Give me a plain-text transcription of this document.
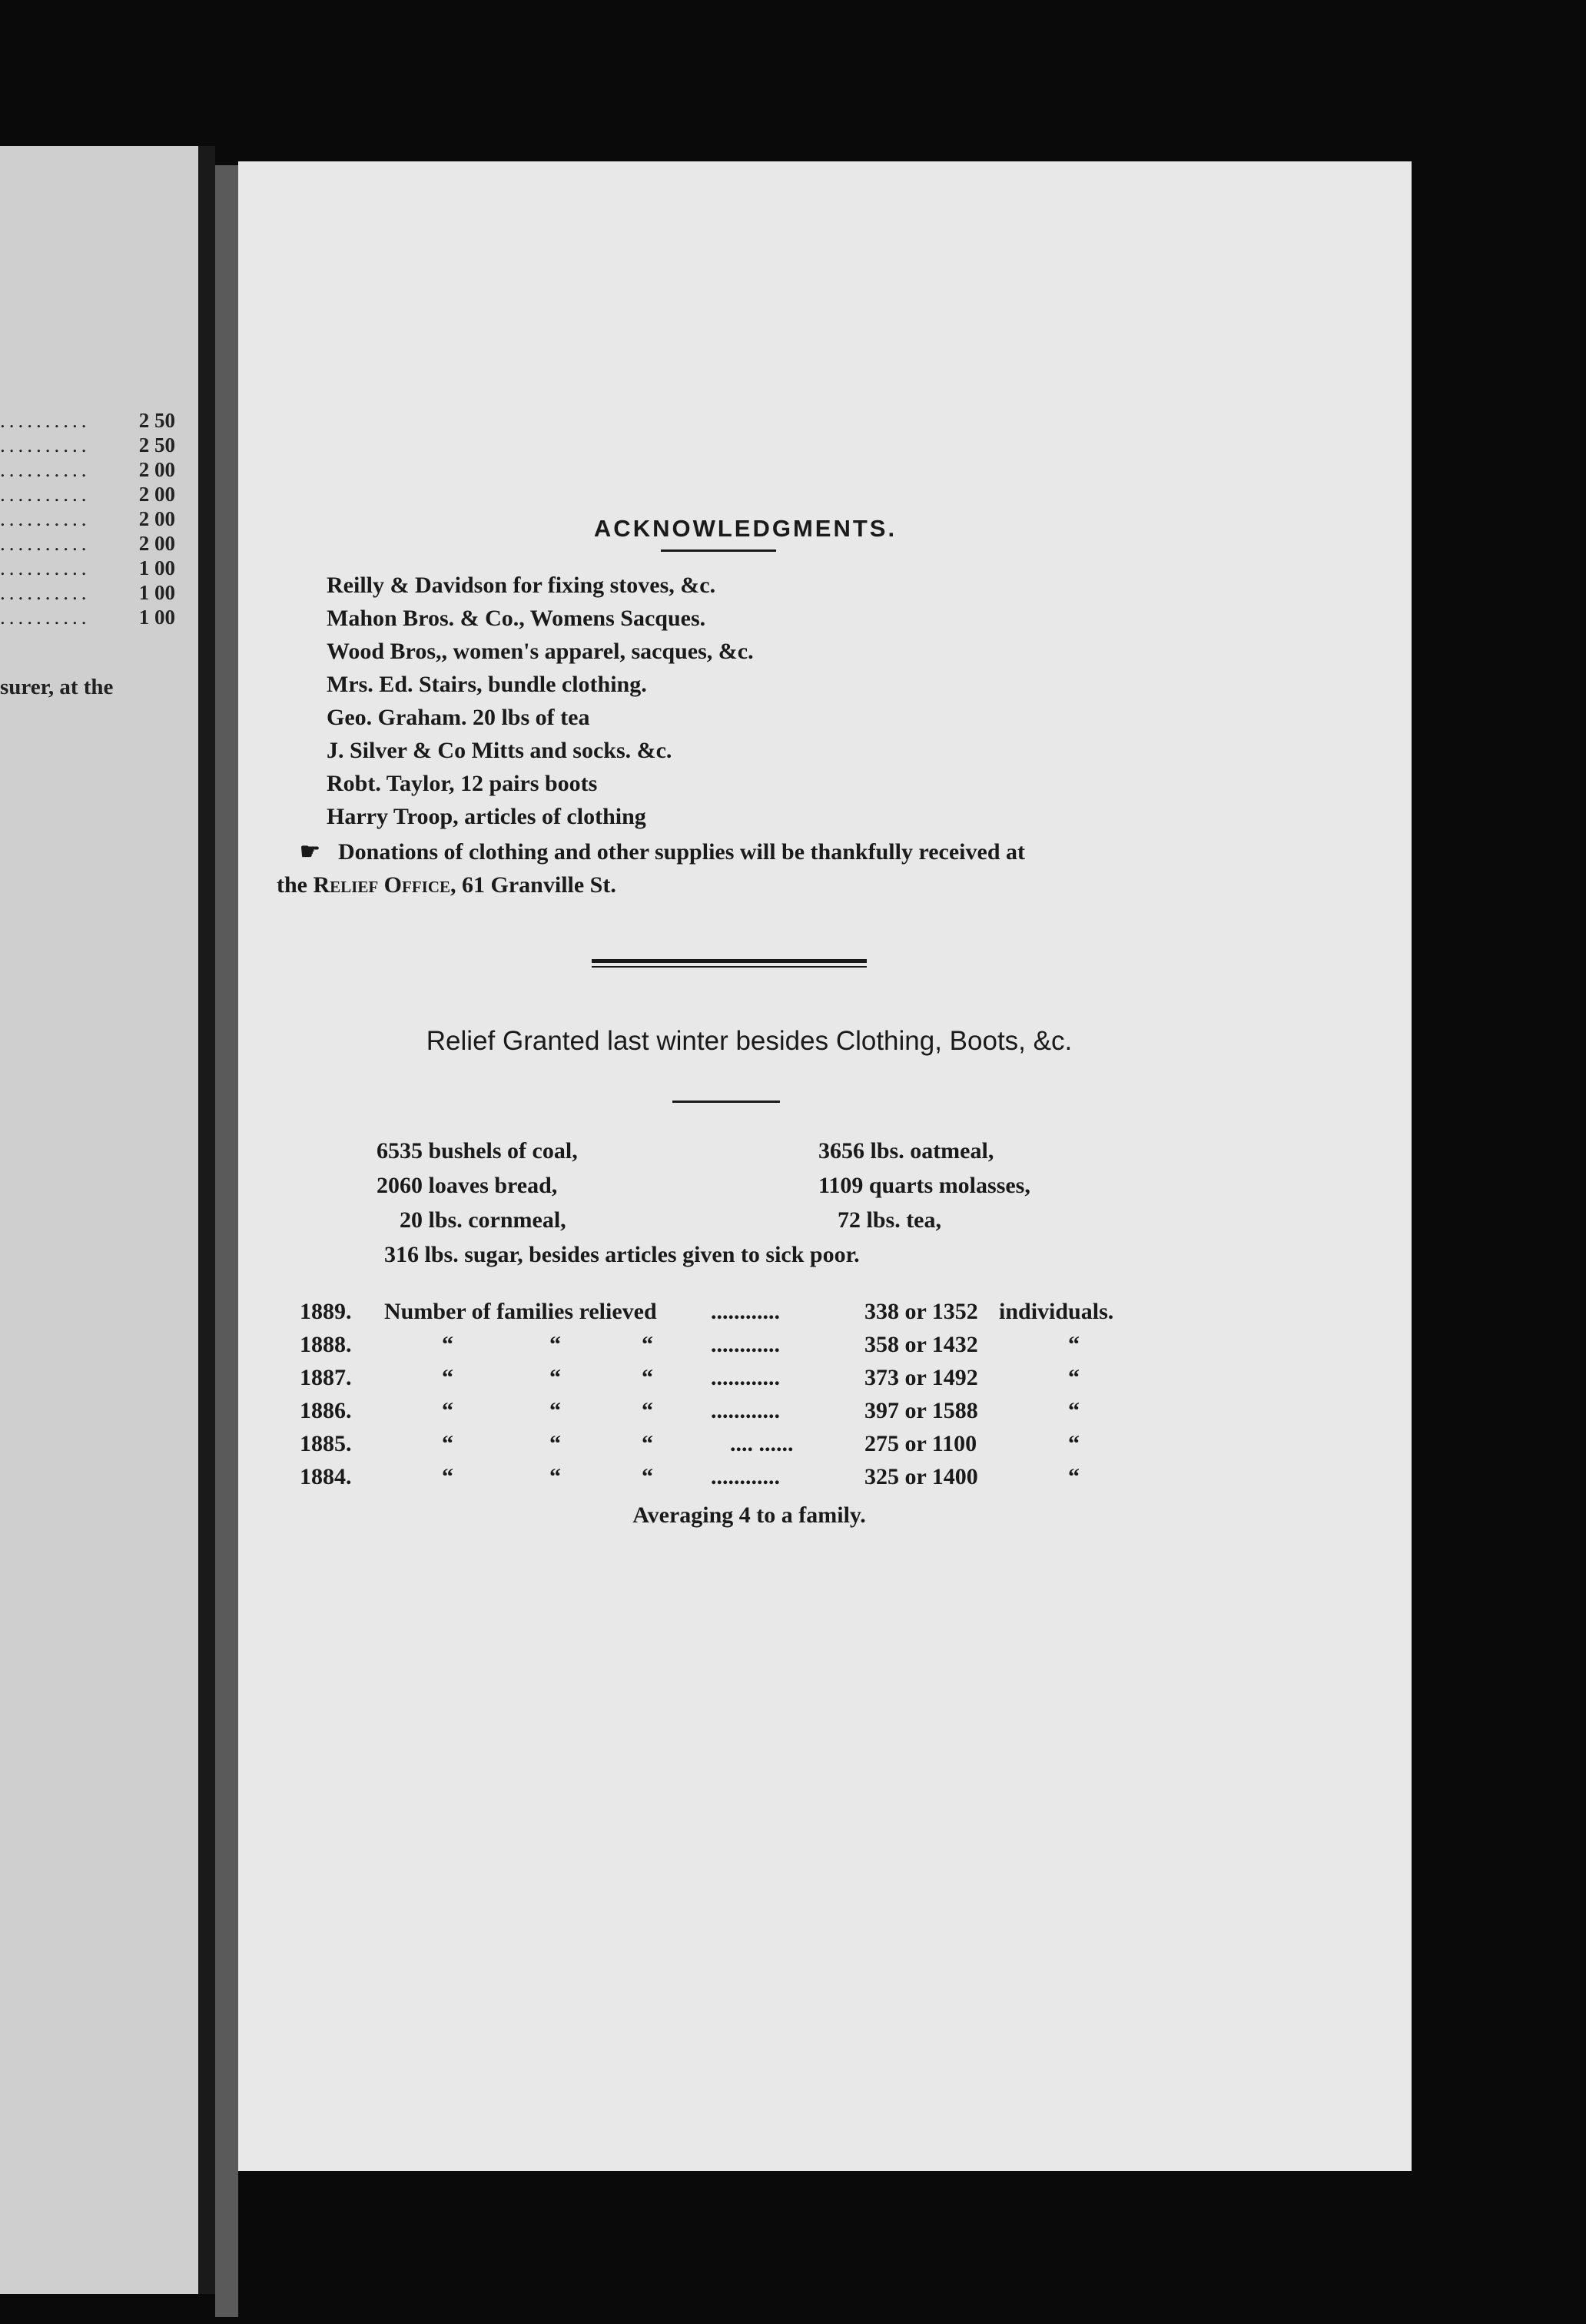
..........	2 50
..........	2 50
..........	2 00
..........	2 00
..........	2 00
..........	2 00
..........	1 00
..........	1 00
..........	1 00
surer, at the
ACKNOWLEDGMENTS.
Reilly & Davidson for fixing stoves, &c.
Mahon Bros. & Co., Womens Sacques.
Wood Bros,, women's apparel, sacques, &c.
Mrs. Ed. Stairs, bundle clothing.
Geo. Graham. 20 lbs of tea
J. Silver & Co Mitts and socks. &c.
Robt. Taylor, 12 pairs boots
Harry Troop, articles of clothing
☛ Donations of clothing and other supplies will be thankfully received at
the Relief Office, 61 Granville St.
Relief Granted last winter besides Clothing, Boots, &c.
6535 bushels of coal,	3656 lbs. oatmeal,
2060 loaves bread,	1109 quarts molasses,
20 lbs. cornmeal,	72 lbs. tea,
316 lbs. sugar, besides articles given to sick poor.
1889. Number of families relieved ............	338 or 1352 individuals.
1888.	“	“	“	............	358 or 1432	“
1887.	“	“	“	............	373 or 1492	“
1886.	“	“	“	............	397 or 1588	“
1885.	“	“	“	.... ......	275 or 1100	“
1884.	“	“	“	............	325 or 1400	“
Averaging 4 to a family.
